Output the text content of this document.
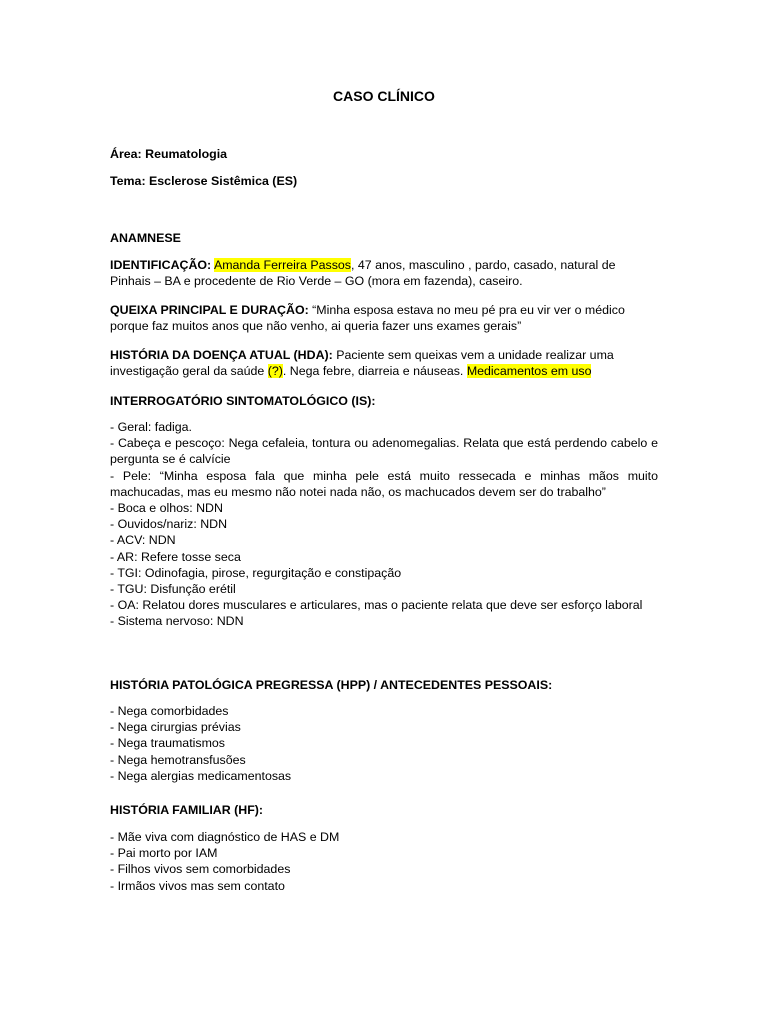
CASO CLÍNICO

Área: Reumatologia

Tema: Esclerose Sistêmica (ES)

ANAMNESE

IDENTIFICAÇÃO: Amanda Ferreira Passos, 47 anos, masculino , pardo, casado, natural de
Pinhais – BA e procedente de Rio Verde – GO (mora em fazenda), caseiro.

QUEIXA PRINCIPAL E DURAÇÃO: “Minha esposa estava no meu pé pra eu vir ver o médico
porque faz muitos anos que não venho, ai queria fazer uns exames gerais”

HISTÓRIA DA DOENÇA ATUAL (HDA): Paciente sem queixas vem a unidade realizar uma
investigação geral da saúde (?). Nega febre, diarreia e náuseas. Medicamentos em uso

INTERROGATÓRIO SINTOMATOLÓGICO (IS):

- Geral: fadiga.
- Cabeça e pescoço: Nega cefaleia, tontura ou adenomegalias. Relata que está perdendo cabelo e pergunta se é calvície
- Pele: “Minha esposa fala que minha pele está muito ressecada e minhas mãos muito machucadas, mas eu mesmo não notei nada não, os machucados devem ser do trabalho”
- Boca e olhos: NDN
- Ouvidos/nariz: NDN
- ACV: NDN
- AR: Refere tosse seca
- TGI: Odinofagia, pirose, regurgitação e constipação
- TGU: Disfunção erétil
- OA: Relatou dores musculares e articulares, mas o paciente relata que deve ser esforço laboral
- Sistema nervoso: NDN

HISTÓRIA PATOLÓGICA PREGRESSA (HPP) / ANTECEDENTES PESSOAIS:

- Nega comorbidades
- Nega cirurgias prévias
- Nega traumatismos
- Nega hemotransfusões
- Nega alergias medicamentosas

HISTÓRIA FAMILIAR (HF):

- Mãe viva com diagnóstico de HAS e DM
- Pai morto por IAM
- Filhos vivos sem comorbidades
- Irmãos vivos mas sem contato
